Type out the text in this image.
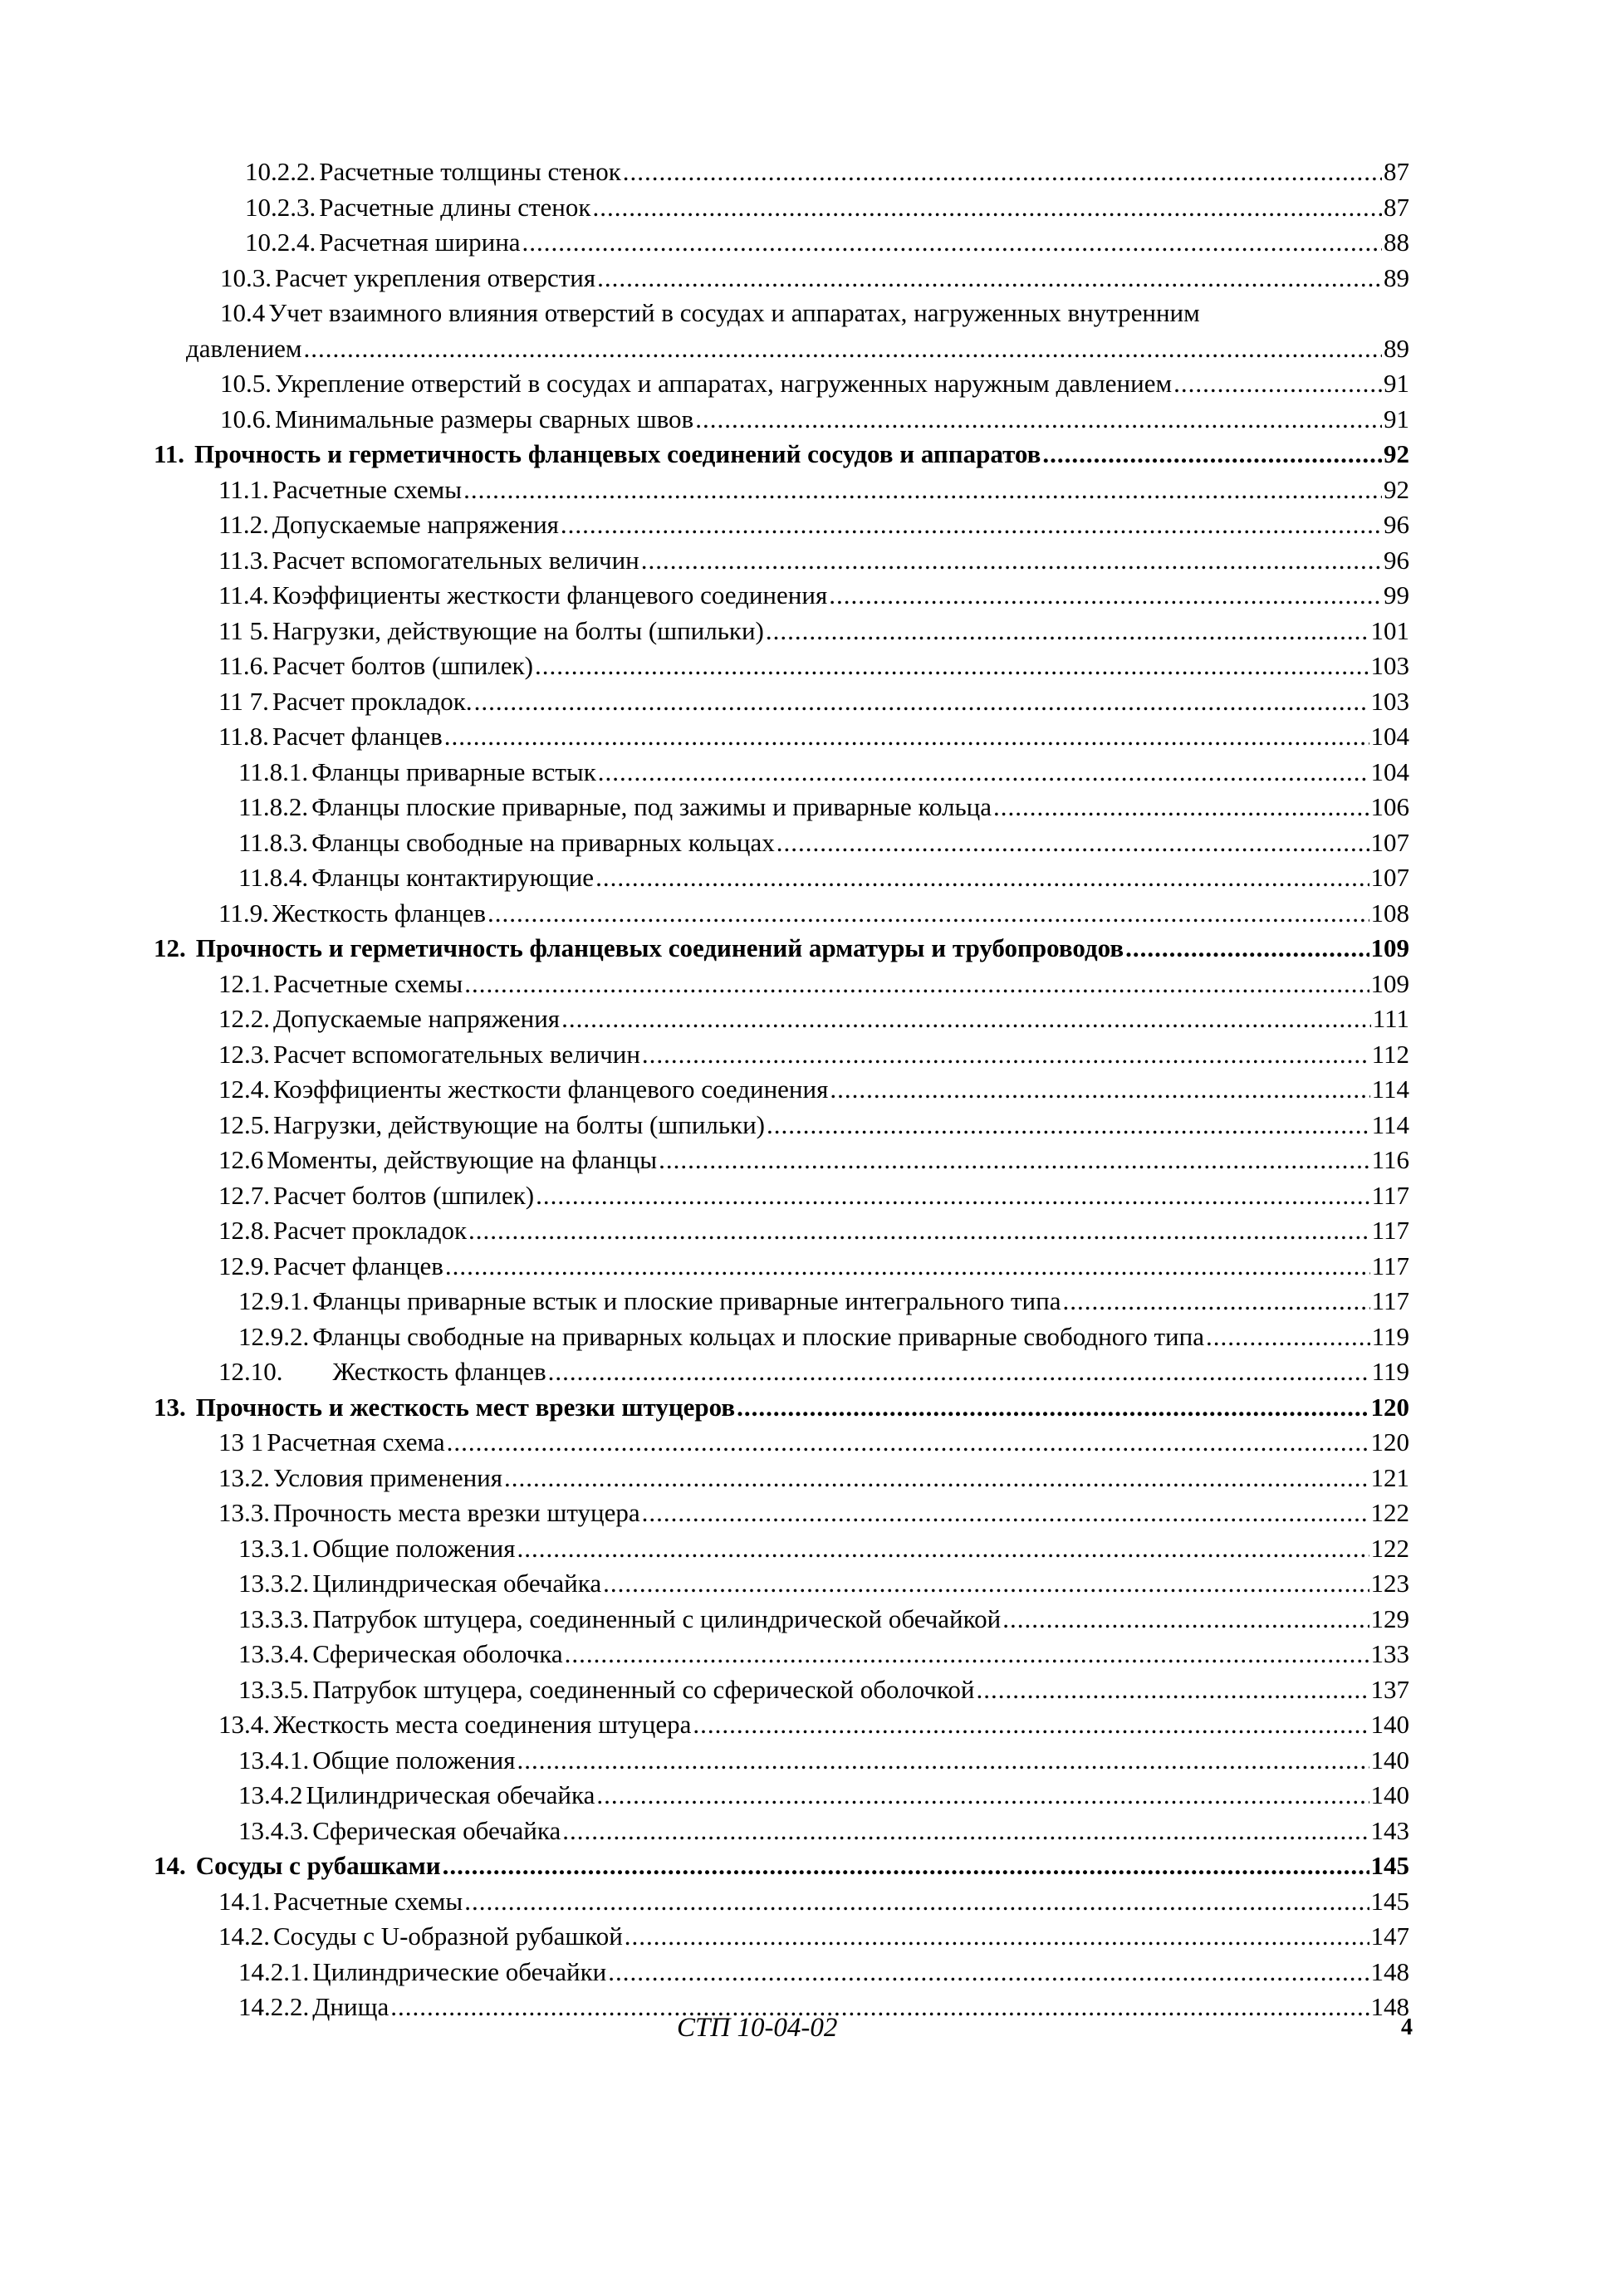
10.2.2. Расчетные толщины стенок .....	87
10.2.3. Расчетные длины стенок .....	87
10.2.4. Расчетная ширина .....	88
10.3. Расчет укрепления отверстия .....	89
10.4 Учет взаимного влияния отверстий в сосудах и аппаратах, нагруженных внутренним
давлением .....	89
10.5. Укрепление отверстий в сосудах и аппаратах, нагруженных наружным давлением .....	91
10.6. Минимальные размеры сварных швов .....	91
11. Прочность и герметичность фланцевых соединений сосудов и аппаратов .....	92
11.1. Расчетные схемы .....	92
11.2. Допускаемые напряжения .....	96
11.3. Расчет вспомогательных величин .....	96
11.4. Коэффициенты жесткости фланцевого соединения .....	99
11 5. Нагрузки, действующие на болты (шпильки) .....	101
11.6. Расчет болтов (шпилек) .....	103
11 7. Расчет прокладок. .....	103
11.8. Расчет фланцев .....	104
11.8.1. Фланцы приварные встык .....	104
11.8.2. Фланцы плоские приварные, под зажимы и приварные кольца .....	106
11.8.3. Фланцы свободные на приварных кольцах .....	107
11.8.4. Фланцы контактирующие .....	107
11.9. Жесткость фланцев .....	108
12. Прочность и герметичность фланцевых соединений арматуры и трубопроводов .....	109
12.1. Расчетные схемы .....	109
12.2. Допускаемые напряжения .....	111
12.3. Расчет вспомогательных величин .....	112
12.4. Коэффициенты жесткости фланцевого соединения .....	114
12.5. Нагрузки, действующие на болты (шпильки) .....	114
12.6 Моменты, действующие на фланцы .....	116
12.7. Расчет болтов (шпилек) .....	117
12.8. Расчет прокладок .....	117
12.9. Расчет фланцев .....	117
12.9.1. Фланцы приварные встык и плоские приварные интегрального типа .....	117
12.9.2. Фланцы свободные на приварных кольцах и плоские приварные свободного типа .....	119
12.10.	Жесткость фланцев .....	119
13. Прочность и жесткость мест врезки штуцеров .....	120
13 1 Расчетная схема .....	120
13.2. Условия применения .....	121
13.3. Прочность места врезки штуцера .....	122
13.3.1. Общие положения .....	122
13.3.2. Цилиндрическая обечайка .....	123
13.3.3. Патрубок штуцера, соединенный с цилиндрической обечайкой .....	129
13.3.4. Сферическая оболочка .....	133
13.3.5. Патрубок штуцера, соединенный со сферической оболочкой .....	137
13.4. Жесткость места соединения штуцера .....	140
13.4.1. Общие положения .....	140
13.4.2 Цилиндрическая обечайка .....	140
13.4.3. Сферическая обечайка .....	143
14. Сосуды с рубашками .....	145
14.1. Расчетные схемы .....	145
14.2. Сосуды с U-образной рубашкой .....	147
14.2.1. Цилиндрические обечайки .....	148
14.2.2. Днища .....	148
СТП 10-04-02	4
